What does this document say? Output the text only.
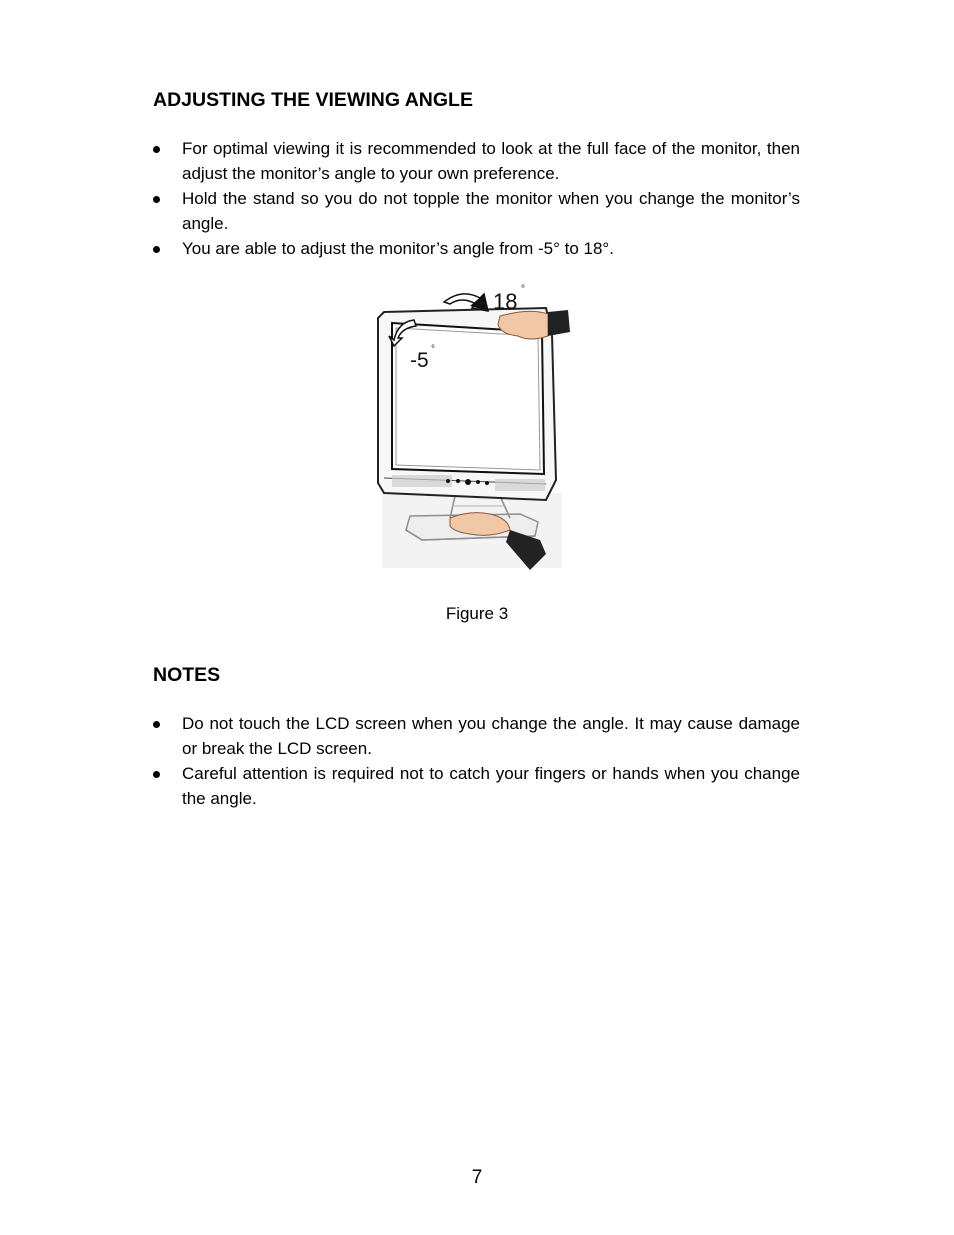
ADJUSTING THE VIEWING ANGLE
For optimal viewing it is recommended to look at the full face of the monitor, then adjust the monitor’s angle to your own preference.
Hold the stand so you do not topple the monitor when you change the monitor’s angle.
You are able to adjust the monitor’s angle from -5° to 18°.
18 °
-5 °

Figure 3

NOTES
Do not touch the LCD screen when you change the angle. It may cause damage or break the LCD screen.
Careful attention is required not to catch your fingers or hands when you change the angle.

7
